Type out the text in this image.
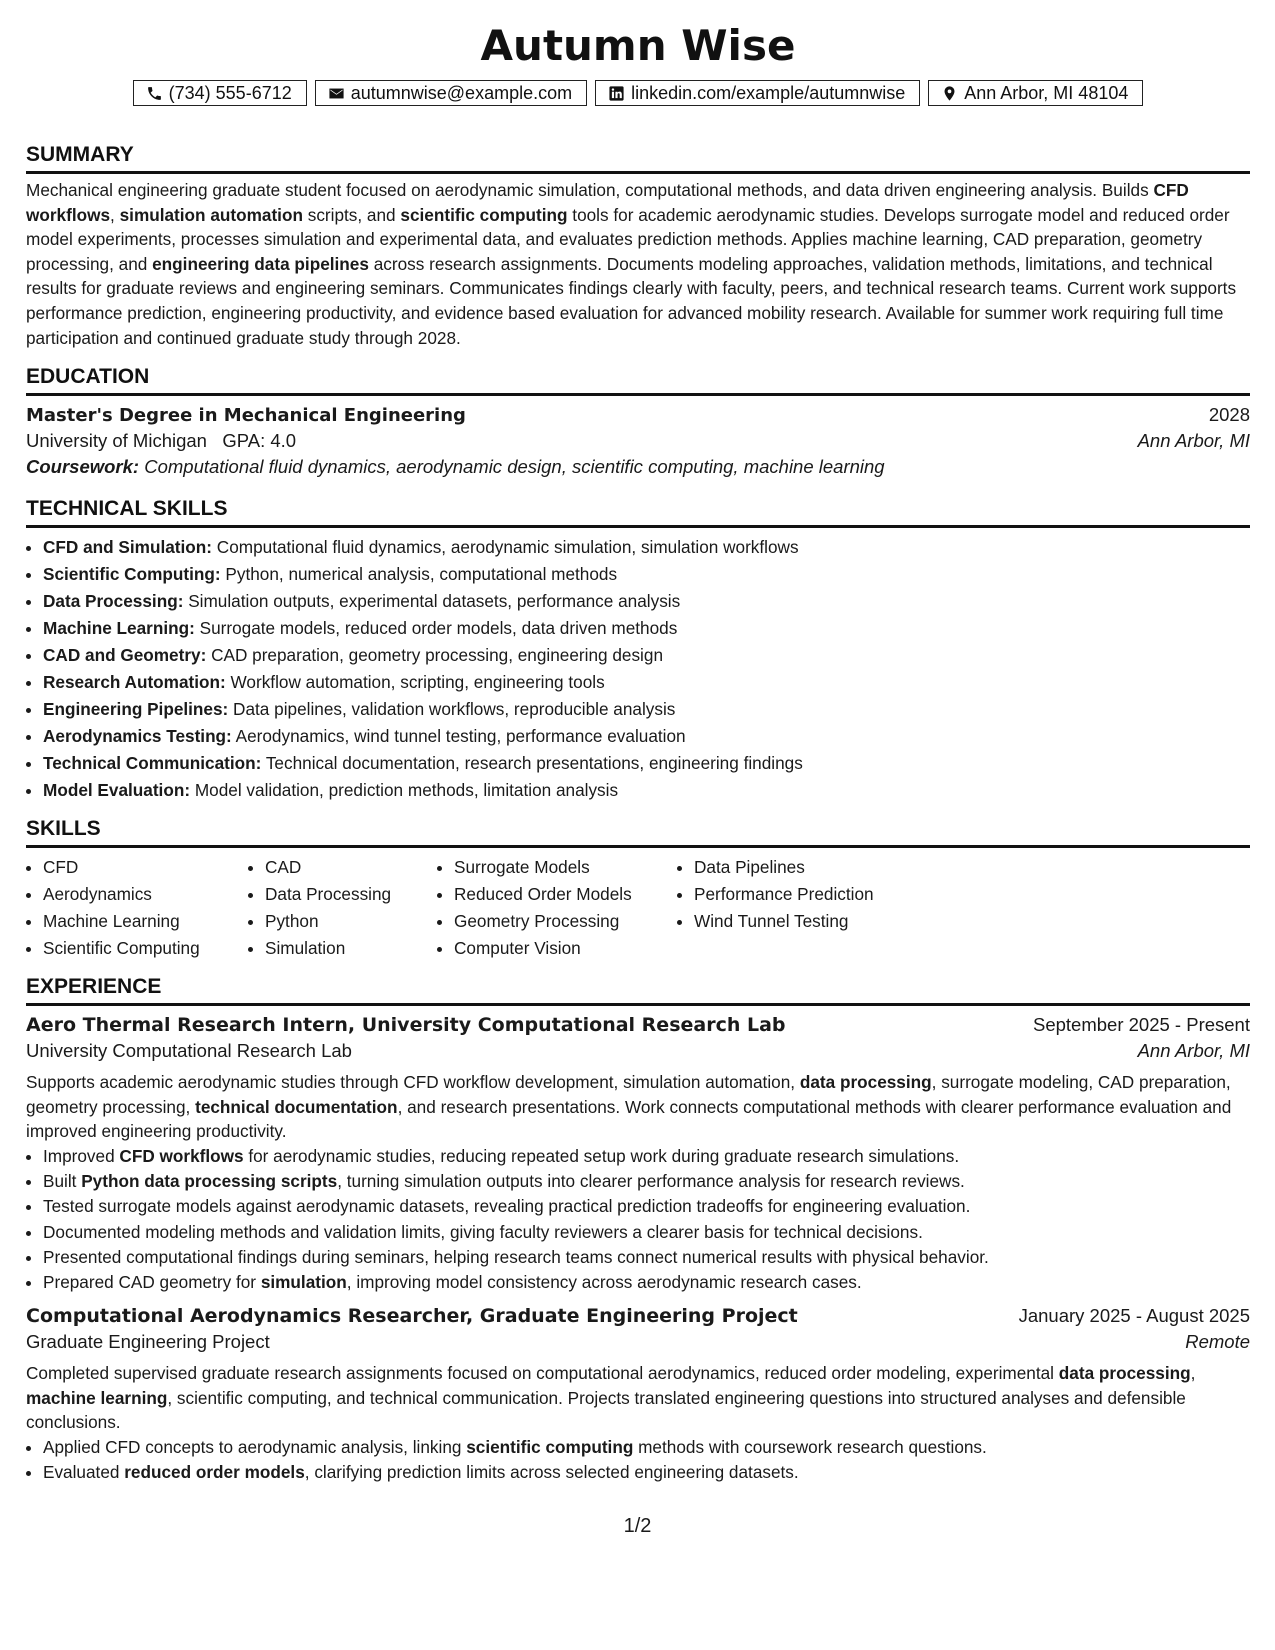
Autumn Wise
(734) 555-6712	autumnwise@example.com	linkedin.com/example/autumnwise	Ann Arbor, MI 48104
SUMMARY

Mechanical engineering graduate student focused on aerodynamic simulation, computational methods, and data driven engineering analysis. Builds CFD workflows, simulation automation scripts, and scientific computing tools for academic aerodynamic studies. Develops surrogate model and reduced order model experiments, processes simulation and experimental data, and evaluates prediction methods. Applies machine learning, CAD preparation, geometry processing, and engineering data pipelines across research assignments. Documents modeling approaches, validation methods, limitations, and technical results for graduate reviews and engineering seminars. Communicates findings clearly with faculty, peers, and technical research teams. Current work supports performance prediction, engineering productivity, and evidence based evaluation for advanced mobility research. Available for summer work requiring full time participation and continued graduate study through 2028.

EDUCATION
Master's Degree in Mechanical Engineering	2028
University of Michigan GPA: 4.0	Ann Arbor, MI
Coursework: Computational fluid dynamics, aerodynamic design, scientific computing, machine learning
TECHNICAL SKILLS
• CFD and Simulation: Computational fluid dynamics, aerodynamic simulation, simulation workflows
• Scientific Computing: Python, numerical analysis, computational methods
• Data Processing: Simulation outputs, experimental datasets, performance analysis
• Machine Learning: Surrogate models, reduced order models, data driven methods
• CAD and Geometry: CAD preparation, geometry processing, engineering design
• Research Automation: Workflow automation, scripting, engineering tools
• Engineering Pipelines: Data pipelines, validation workflows, reproducible analysis
• Aerodynamics Testing: Aerodynamics, wind tunnel testing, performance evaluation
• Technical Communication: Technical documentation, research presentations, engineering findings
• Model Evaluation: Model validation, prediction methods, limitation analysis
SKILLS
• CFD
• Aerodynamics
• Machine Learning
• Scientific Computing
• CAD
• Data Processing
• Python
• Simulation
• Surrogate Models
• Reduced Order Models
• Geometry Processing
• Computer Vision
• Data Pipelines
• Performance Prediction
• Wind Tunnel Testing
EXPERIENCE
Aero Thermal Research Intern, University Computational Research Lab	September 2025 - Present
University Computational Research Lab	Ann Arbor, MI

Supports academic aerodynamic studies through CFD workflow development, simulation automation, data processing, surrogate modeling, CAD preparation, geometry processing, technical documentation, and research presentations. Work connects computational methods with clearer performance evaluation and improved engineering productivity.

• Improved CFD workflows for aerodynamic studies, reducing repeated setup work during graduate research simulations.
• Built Python data processing scripts, turning simulation outputs into clearer performance analysis for research reviews.
• Tested surrogate models against aerodynamic datasets, revealing practical prediction tradeoffs for engineering evaluation.
• Documented modeling methods and validation limits, giving faculty reviewers a clearer basis for technical decisions.
• Presented computational findings during seminars, helping research teams connect numerical results with physical behavior.
• Prepared CAD geometry for simulation, improving model consistency across aerodynamic research cases.
Computational Aerodynamics Researcher, Graduate Engineering Project	January 2025 - August 2025
Graduate Engineering Project	Remote

Completed supervised graduate research assignments focused on computational aerodynamics, reduced order modeling, experimental data processing, machine learning, scientific computing, and technical communication. Projects translated engineering questions into structured analyses and defensible conclusions.

• Applied CFD concepts to aerodynamic analysis, linking scientific computing methods with coursework research questions.
• Evaluated reduced order models, clarifying prediction limits across selected engineering datasets.
1/2
